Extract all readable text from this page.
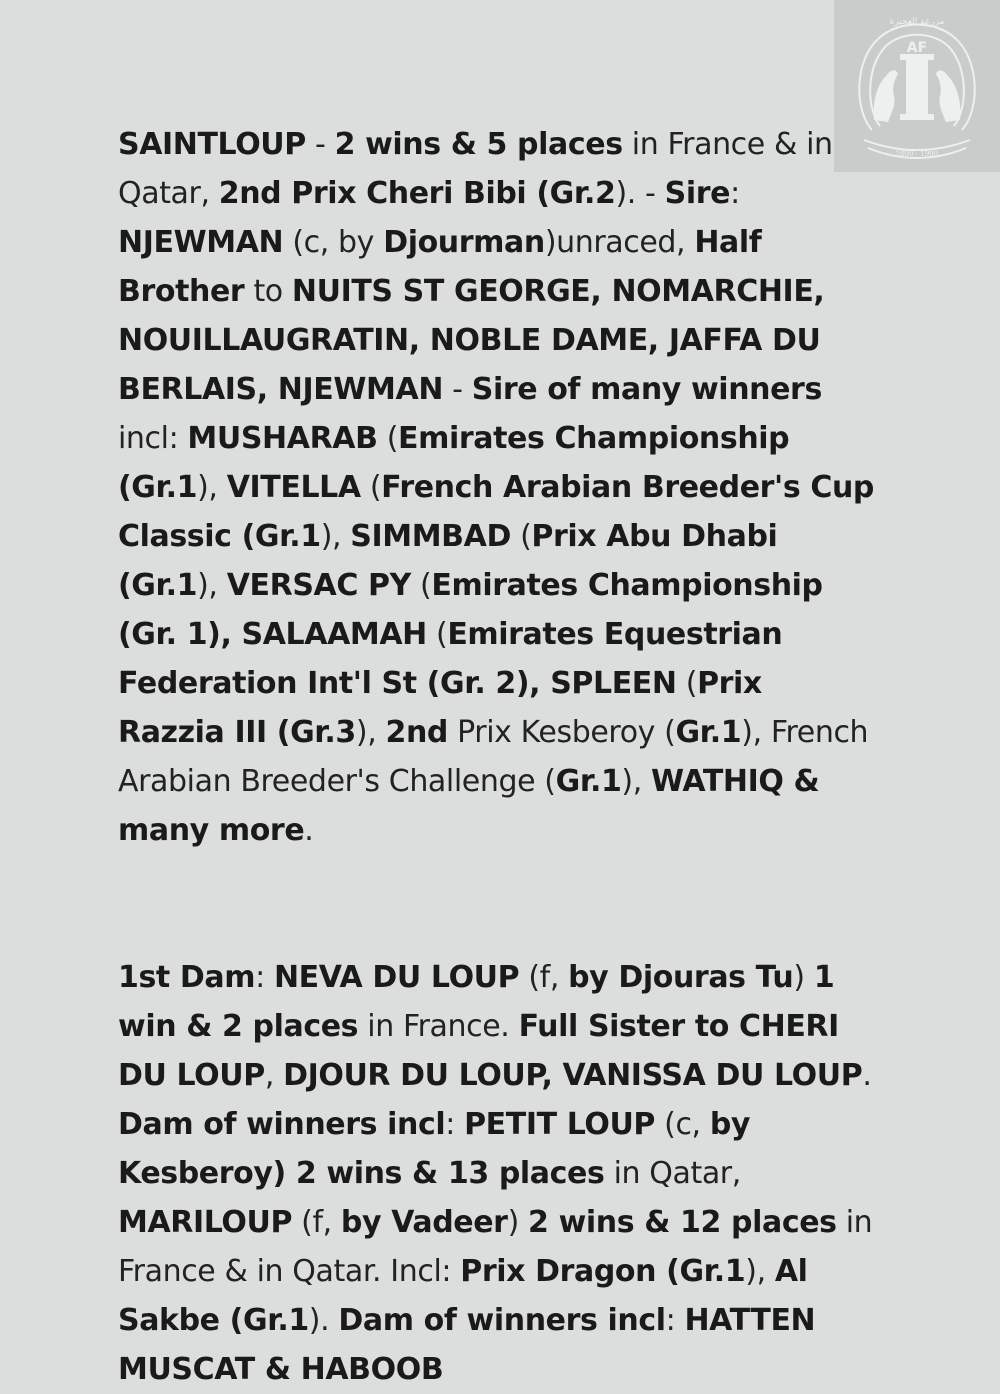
AF
مزرعة العجيرة
2000 - 1990

SAINTLOUP - 2 wins & 5 places in France & in Qatar, 2nd Prix Cheri Bibi (Gr.2). - Sire: NJEWMAN (c, by Djourman)unraced, Half Brother to NUITS ST GEORGE, NOMARCHIE, NOUILLAUGRATIN, NOBLE DAME, JAFFA DU BERLAIS, NJEWMAN - Sire of many winners incl: MUSHARAB (Emirates Championship (Gr.1), VITELLA (French Arabian Breeder's Cup Classic (Gr.1), SIMMBAD (Prix Abu Dhabi (Gr.1), VERSAC PY (Emirates Championship (Gr. 1), SALAAMAH (Emirates Equestrian Federation Int'l St (Gr. 2), SPLEEN (Prix Razzia III (Gr.3), 2nd Prix Kesberoy (Gr.1), French Arabian Breeder's Challenge (Gr.1), WATHIQ & many more.

1st Dam: NEVA DU LOUP (f, by Djouras Tu) 1 win & 2 places in France. Full Sister to CHERI DU LOUP, DJOUR DU LOUP, VANISSA DU LOUP. Dam of winners incl: PETIT LOUP (c, by Kesberoy) 2 wins & 13 places in Qatar, MARILOUP (f, by Vadeer) 2 wins & 12 places in France & in Qatar. Incl: Prix Dragon (Gr.1), Al Sakbe (Gr.1). Dam of winners incl: HATTEN MUSCAT & HABOOB
